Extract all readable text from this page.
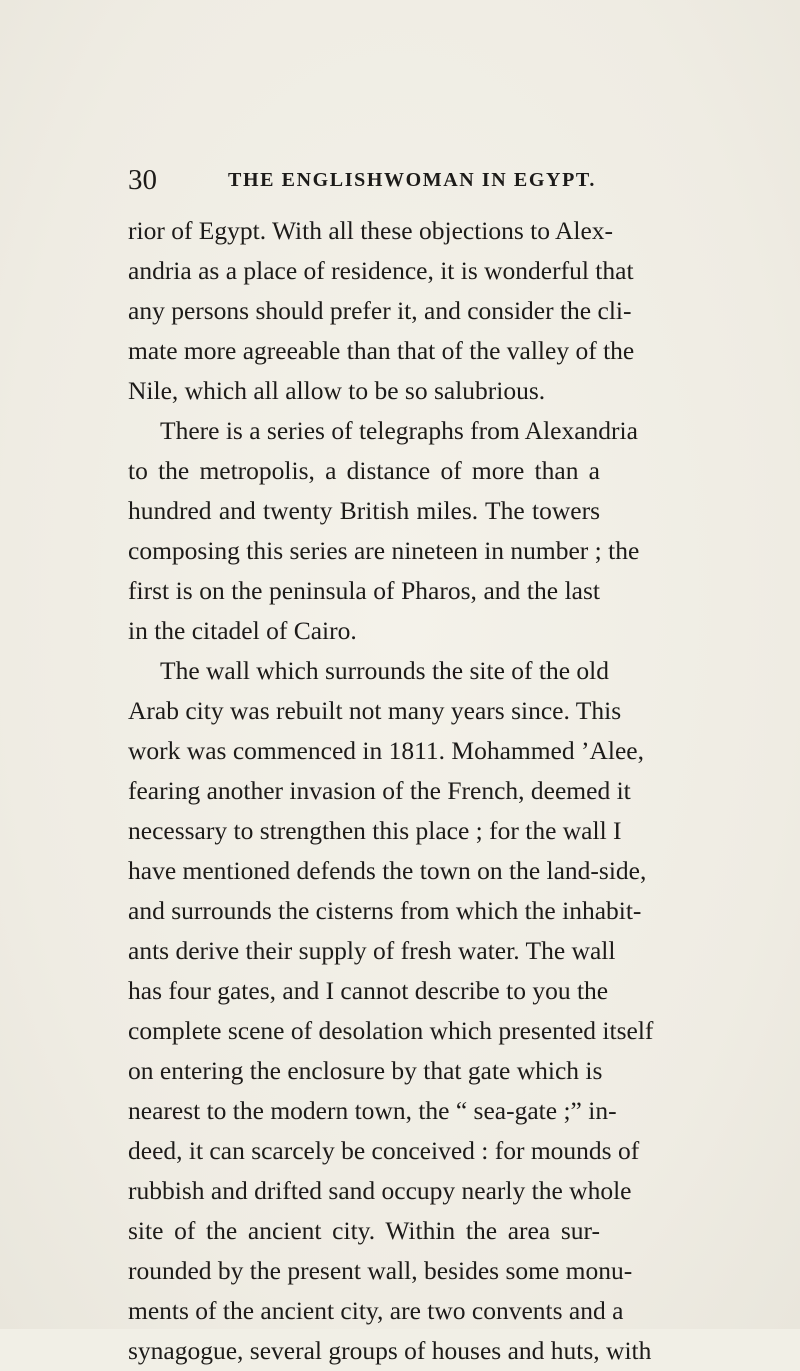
30	THE ENGLISHWOMAN IN EGYPT.
rior of Egypt. With all these objections to Alex-
andria as a place of residence, it is wonderful that
any persons should prefer it, and consider the cli-
mate more agreeable than that of the valley of the
Nile, which all allow to be so salubrious.
There is a series of telegraphs from Alexandria
to the metropolis, a distance of more than a
hundred and twenty British miles. The towers
composing this series are nineteen in number ; the
first is on the peninsula of Pharos, and the last
in the citadel of Cairo.
The wall which surrounds the site of the old
Arab city was rebuilt not many years since. This
work was commenced in 1811. Mohammed ’Alee,
fearing another invasion of the French, deemed it
necessary to strengthen this place ; for the wall I
have mentioned defends the town on the land-side,
and surrounds the cisterns from which the inhabit-
ants derive their supply of fresh water. The wall
has four gates, and I cannot describe to you the
complete scene of desolation which presented itself
on entering the enclosure by that gate which is
nearest to the modern town, the “ sea-gate ;” in-
deed, it can scarcely be conceived : for mounds of
rubbish and drifted sand occupy nearly the whole
site of the ancient city. Within the area sur-
rounded by the present wall, besides some monu-
ments of the ancient city, are two convents and a
synagogue, several groups of houses and huts, with
